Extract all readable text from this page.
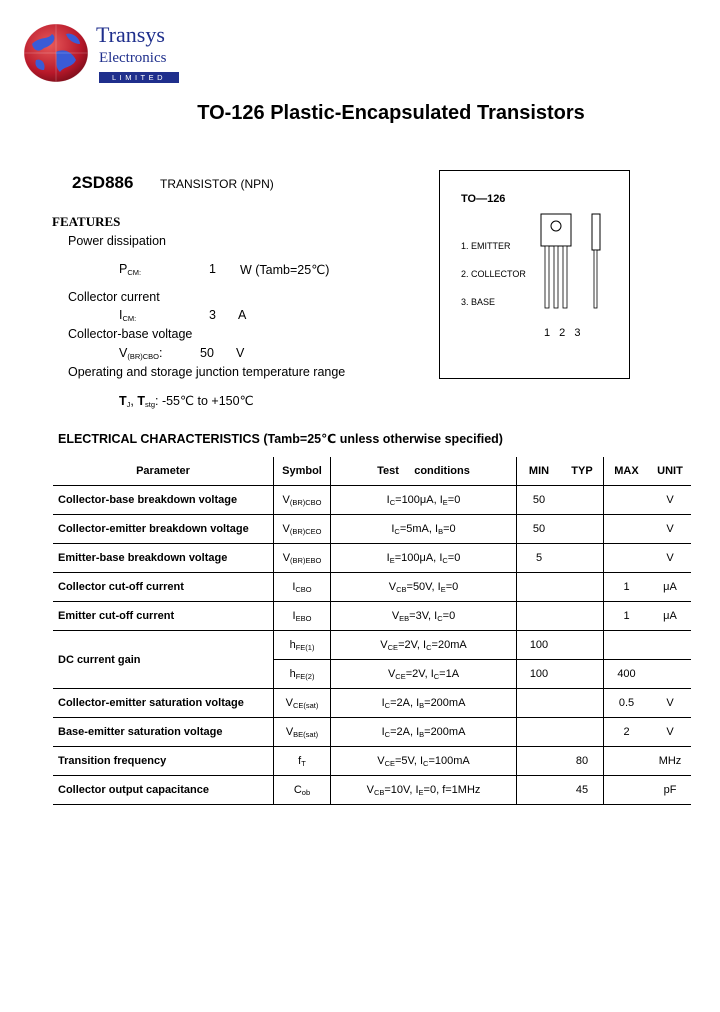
Transys
Electronics
LIMITED
TO-126 Plastic-Encapsulated Transistors
2SD886 TRANSISTOR (NPN)
FEATURES
Power dissipation
$P_{CM:}$	1 W (Tamb=25℃)
Collector current
$I_{CM:}$	3 A
Collector-base voltage
$V_{(BR)CBO}$:	50 V
Operating and storage junction temperature range
$T_J$, $T_{stg}$: -55℃ to +150℃
TO—126
1. EMITTER
2. COLLECTOR
3. BASE
1 2 3
ELECTRICAL CHARACTERISTICS (Tamb=25℃ unless otherwise specified)
Parameter	Symbol	Test     conditions	MIN	TYP	MAX	UNIT
Collector-base breakdown voltage	$V_{(BR)CBO}$	$I_C=100\mu A$, $I_E=0$	50			V
Collector-emitter breakdown voltage	$V_{(BR)CEO}$	$I_C=5mA$, $I_B=0$	50			V
Emitter-base breakdown voltage	$V_{(BR)EBO}$	$I_E=100\mu A$, $I_C=0$	5			V
Collector cut-off current	$I_{CBO}$	$V_{CB}=50V$, $I_E=0$			1	μA
Emitter cut-off current	$I_{EBO}$	$V_{EB}=3V$, $I_C=0$			1	μA
DC current gain	$h_{FE(1)}$	$V_{CE}=2V$, $I_C=20mA$	100			
	$h_{FE(2)}$	$V_{CE}=2V$, $I_C=1A$	100		400	
Collector-emitter saturation voltage	$V_{CE(sat)}$	$I_C=2A$, $I_B=200mA$			0.5	V
Base-emitter saturation voltage	$V_{BE(sat)}$	$I_C=2A$, $I_B=200mA$			2	V
Transition frequency	$f_T$	$V_{CE}=5V$, $I_C=100mA$		80		MHz
Collector output capacitance	$C_{ob}$	$V_{CB}=10V$, $I_E=0$, f=1MHz		45		pF
